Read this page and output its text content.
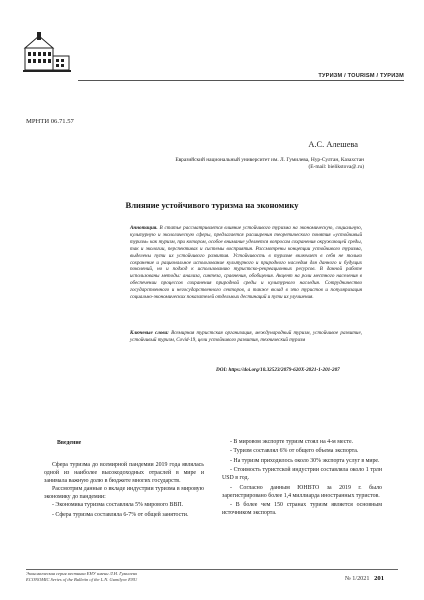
ТУРИЗМ / TOURISM / ТУРИЗМ
МРНТИ 06.71.57
А.С. Алешева
Евразийский национальный университет им. Л. Гумилева, Нур-Султан, Казахстан
(E-mail: bielikstova@.ru)
Влияние устойчивого туризма на экономику
Аннотация. В статье рассматривается влияние устойчивого туризма на экономическую, социальную, культурную и экологическую сферы, предлагается расширения теоретического понятия «устойчивый туризм» как туризм, при котором, особое внимание уделяется вопросам сохранения окружающей среды, так и экологии, перспективах и системы восприятия. Рассмотрены концепции устойчивого туризма, выделены пути их устойчивого развития. Устойчивость в туризме включает в себя не только сохранение и рациональное использование культурного и природного наследия для данного и будущих поколений, но и подход к использованию туристско-рекреационных ресурсов. В данной работе использованы методы: анализа, синтеза, сравнения, обобщения. Акцент на роли местного населения в обеспечении процессов сохранения природной среды и культурного наследия. Сотрудничество государственного и негосударственного секторов, а также вклад в это туристов и популяризация социально-экономических показателей отдельных дестинаций и пути их улучшения.
Ключевые слова: Всемирная туристская организация, международный туризм, устойчивое развитие, устойчивый туризм, Covid-19, цели устойчивого развития, технический туризм
DOI: https://doi.org/10.32523/2079-620X-2021-1-201-207
Введение

Сфера туризма до всемирной пандемии 2019 года являлась одной из наиболее высокодоходных отраслей в мире и занимала важную долю в бюджете многих государств.

Рассмотрим данные о вкладе индустрии туризма в мировую экономику до пандемии:

- Экономика туризма составляла 5% мирового ВВП.

- Сфера туризма составляла 6-7% от общей занятости.

- В мировом экспорте туризм стоял на 4-м месте.

- Туризм составлял 6% от общего объема экспорта.

- На туризм приходилось около 30% экспорта услуг в мире.

- Стоимость туристской индустрии составляла около 1 трлн USD в год.

- Согласно данным ЮНВТО за 2019 г. было зарегистрировано более 1,4 миллиарда иностранных туристов.

- В более чем 150 странах туризм является основным источником экспорта.

Экономическая серия вестника ЕНУ имени Л.Н. Гумилева
ECONOMIC Series of the Bulletin of the L.N. Gumilyov ENU	№ 1/2021 201
